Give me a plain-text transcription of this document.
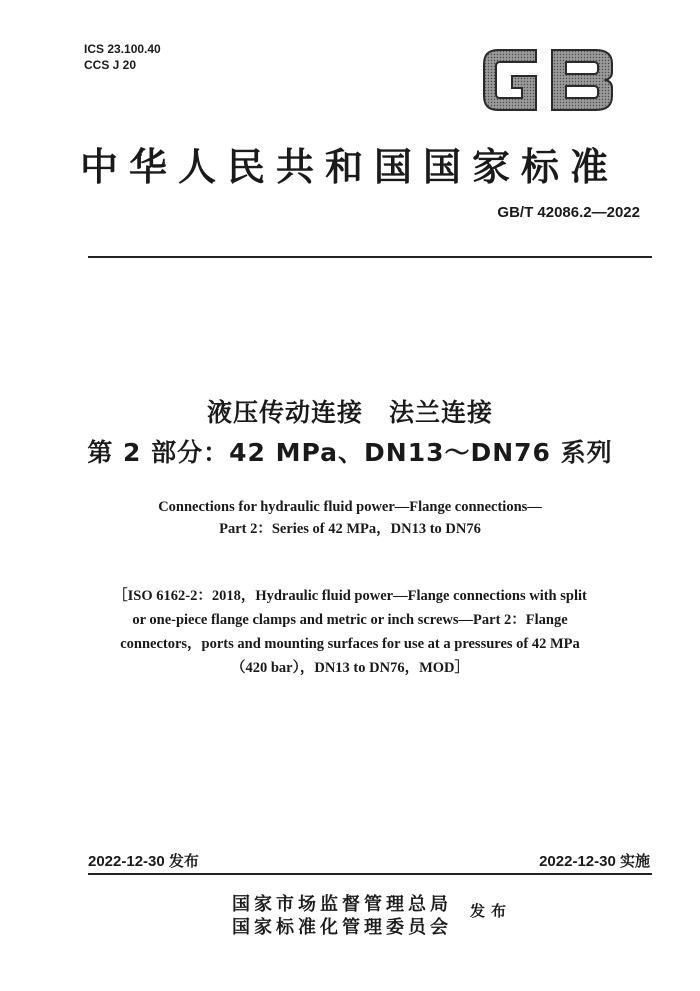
ICS 23.100.40
CCS J 20
中华人民共和国国家标准
GB/T 42086.2—2022
液压传动连接　法兰连接
第 2 部分：42 MPa、DN13～DN76 系列
Connections for hydraulic fluid power—Flange connections—
Part 2：Series of 42 MPa，DN13 to DN76
［ISO 6162-2：2018，Hydraulic fluid power—Flange connections with split
or one-piece flange clamps and metric or inch screws—Part 2：Flange
connectors，ports and mounting surfaces for use at a pressures of 42 MPa
（420 bar），DN13 to DN76，MOD］
2022-12-30 发布	2022-12-30 实施
国家市场监督管理总局
国家标准化管理委员会
发布
